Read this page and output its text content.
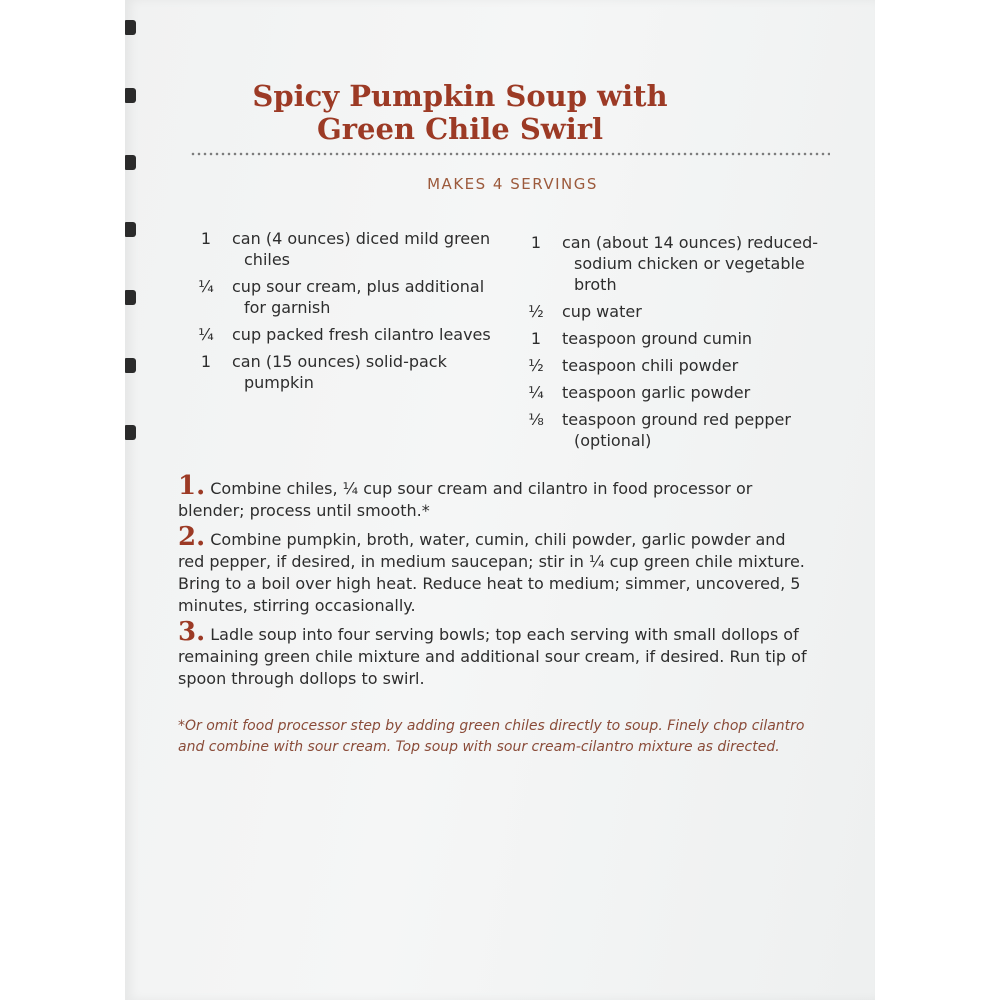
Spicy Pumpkin Soup with
Green Chile Swirl
MAKES 4 SERVINGS
1	can (4 ounces) diced mild green chiles
¼	cup sour cream, plus additional for garnish
¼	cup packed fresh cilantro leaves
1	can (15 ounces) solid-pack pumpkin
1	can (about 14 ounces) reduced-sodium chicken or vegetable broth
½	cup water
1	teaspoon ground cumin
½	teaspoon chili powder
¼	teaspoon garlic powder
⅛	teaspoon ground red pepper (optional)

1. Combine chiles, ¼ cup sour cream and cilantro in food processor or blender; process until smooth.*

2. Combine pumpkin, broth, water, cumin, chili powder, garlic powder and red pepper, if desired, in medium saucepan; stir in ¼ cup green chile mixture. Bring to a boil over high heat. Reduce heat to medium; simmer, uncovered, 5 minutes, stirring occasionally.

3. Ladle soup into four serving bowls; top each serving with small dollops of remaining green chile mixture and additional sour cream, if desired. Run tip of spoon through dollops to swirl.

*Or omit food processor step by adding green chiles directly to soup. Finely chop cilantro and combine with sour cream. Top soup with sour cream-cilantro mixture as directed.
